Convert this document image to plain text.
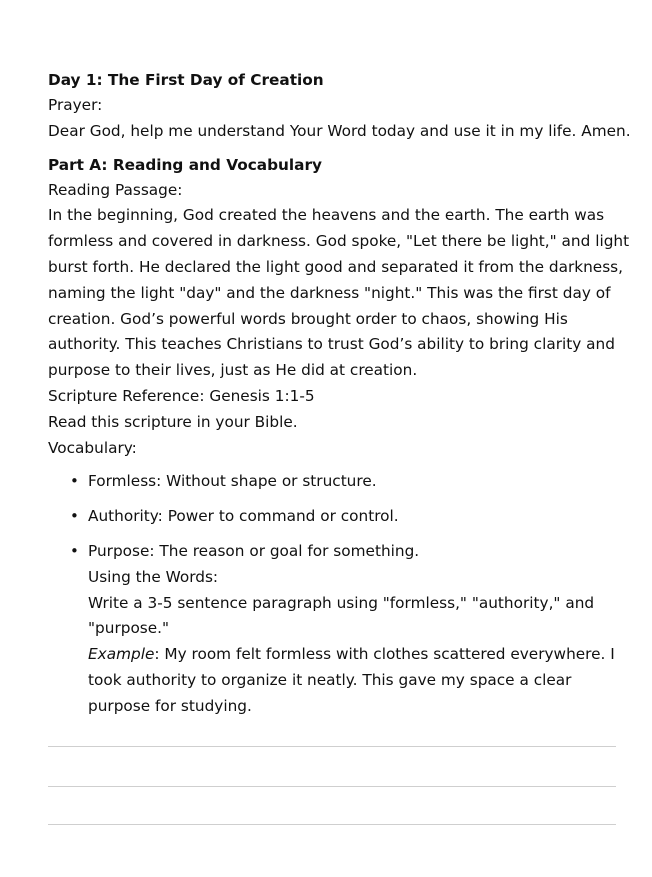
Day 1: The First Day of Creation

Prayer:

Dear God, help me understand Your Word today and use it in my life. Amen.

Part A: Reading and Vocabulary

Reading Passage:

In the beginning, God created the heavens and the earth. The earth was

formless and covered in darkness. God spoke, "Let there be light," and light

burst forth. He declared the light good and separated it from the darkness,

naming the light "day" and the darkness "night." This was the first day of

creation. God’s powerful words brought order to chaos, showing His

authority. This teaches Christians to trust God’s ability to bring clarity and

purpose to their lives, just as He did at creation.

Scripture Reference: Genesis 1:1-5

Read this scripture in your Bible.

Vocabulary:

• Formless: Without shape or structure.

• Authority: Power to command or control.

• Purpose: The reason or goal for something.

Using the Words:

Write a 3-5 sentence paragraph using "formless," "authority," and

"purpose."

Example: My room felt formless with clothes scattered everywhere. I

took authority to organize it neatly. This gave my space a clear

purpose for studying.
